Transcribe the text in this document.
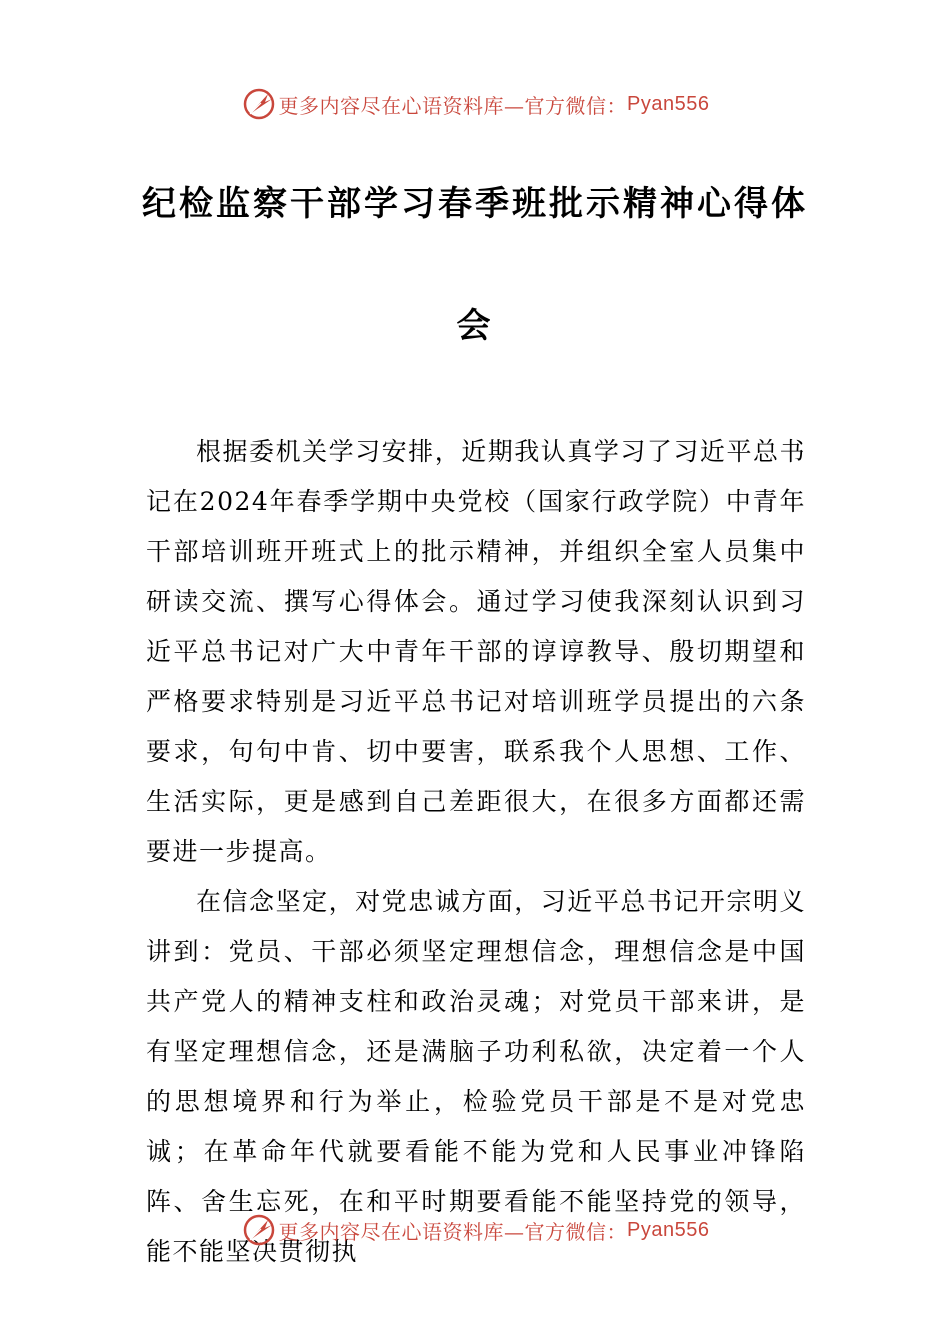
更多内容尽在心语资料库— 官方微信： Pyan556
纪检监察干部学习春季班批示精神心得体
会

根据委机关学习安排，近期我认真学习了习近平总书记在2024年春季学期中央党校（国家行政学院）中青年干部培训班开班式上的批示精神，并组织全室人员集中研读交流、撰写心得体会。通过学习使我深刻认识到习近平总书记对广大中青年干部的谆谆教导、殷切期望和严格要求特别是习近平总书记对培训班学员提出的六条要求，句句中肯、切中要害，联系我个人思想、工作、生活实际，更是感到自己差距很大，在很多方面都还需要进一步提高。

在信念坚定，对党忠诚方面，习近平总书记开宗明义讲到：党员、干部必须坚定理想信念，理想信念是中国共产党人的精神支柱和政治灵魂；对党员干部来讲，是有坚定理想信念，还是满脑子功利私欲，决定着一个人的思想境界和行为举止，检验党员干部是不是对党忠诚；在革命年代就要看能不能为党和人民事业冲锋陷阵、舍生忘死，在和平时期要看能不能坚持党的领导，能不能坚决贯彻执

更多内容尽在心语资料库— 官方微信： Pyan556
